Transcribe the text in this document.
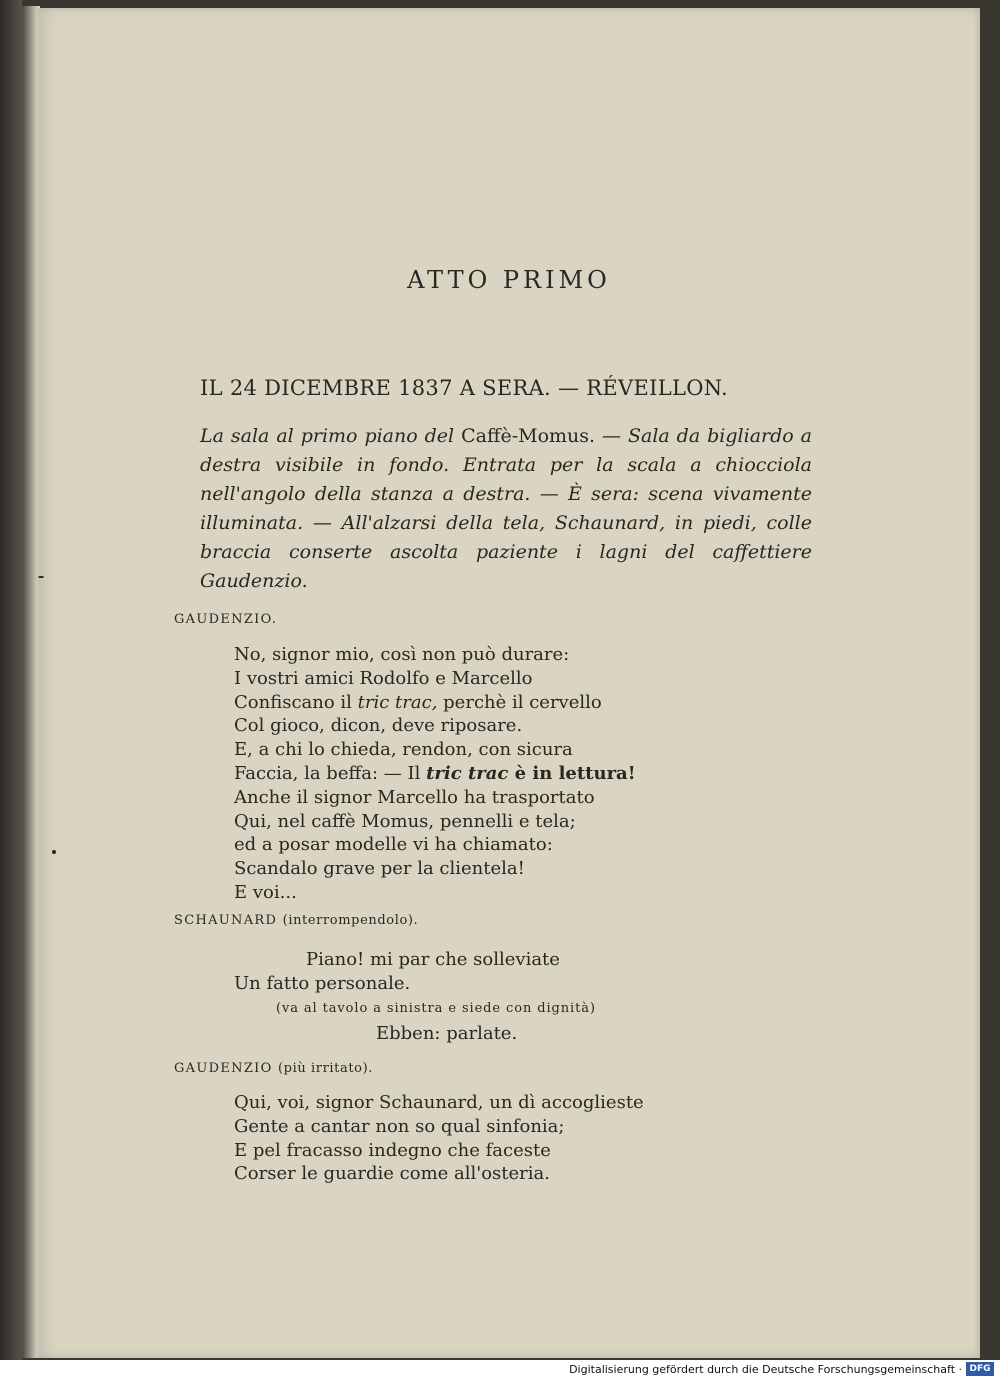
ATTO PRIMO

IL 24 DICEMBRE 1837 A SERA. — RÉVEILLON.

La sala al primo piano del Caffè-Momus. — Sala da bigliardo a destra visibile in fondo. Entrata per la scala a chiocciola nell'angolo della stanza a destra. — È sera: scena vivamente illuminata. — All'alzarsi della tela, Schaunard, in piedi, colle braccia conserte ascolta paziente i lagni del caffettiere Gaudenzio.

GAUDENZIO.

No, signor mio, così non può durare:
I vostri amici Rodolfo e Marcello
Confiscano il tric trac, perchè il cervello
Col gioco, dicon, deve riposare.
E, a chi lo chieda, rendon, con sicura
Faccia, la beffa: — Il tric trac è in lettura!
Anche il signor Marcello ha trasportato
Qui, nel caffè Momus, pennelli e tela;
ed a posar modelle vi ha chiamato:
Scandalo grave per la clientela!
E voi...

SCHAUNARD (interrompendolo).

Piano! mi par che solleviate
Un fatto personale.

(va al tavolo a sinistra e siede con dignità)

Ebben: parlate.

GAUDENZIO (più irritato).

Qui, voi, signor Schaunard, un dì accoglieste
Gente a cantar non so qual sinfonia;
E pel fracasso indegno che faceste
Corser le guardie come all'osteria.
Digitalisierung gefördert durch die Deutsche Forschungsgemeinschaft · DFG
